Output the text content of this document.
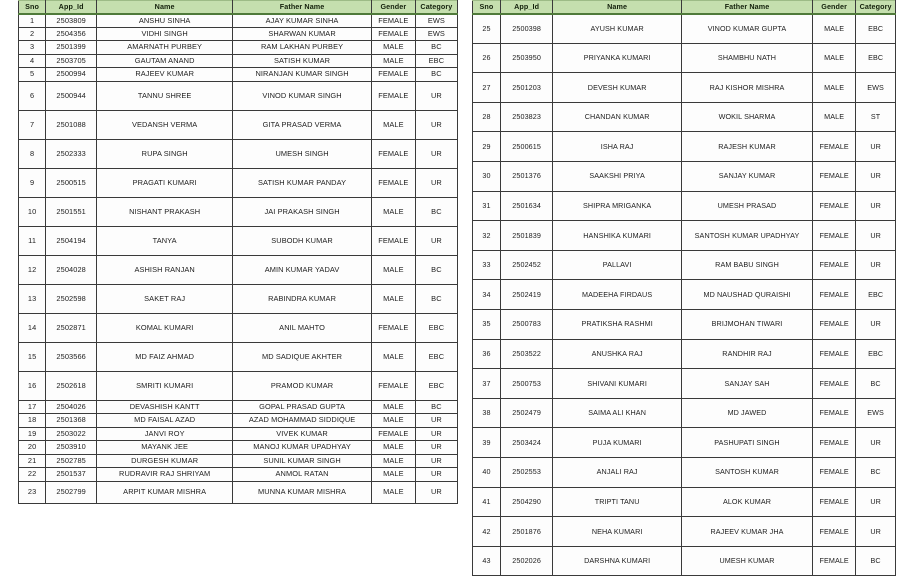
Sno	App_Id	Name	Father Name	Gender	Category
1	2503809	ANSHU SINHA	AJAY KUMAR SINHA	FEMALE	EWS
2	2504356	VIDHI SINGH	SHARWAN KUMAR	FEMALE	EWS
3	2501399	AMARNATH PURBEY	RAM LAKHAN PURBEY	MALE	BC
4	2503705	GAUTAM ANAND	SATISH KUMAR	MALE	EBC
5	2500994	RAJEEV KUMAR	NIRANJAN KUMAR SINGH	FEMALE	BC
6	2500944	TANNU SHREE	VINOD KUMAR SINGH	FEMALE	UR
7	2501088	VEDANSH VERMA	GITA PRASAD VERMA	MALE	UR
8	2502333	RUPA SINGH	UMESH SINGH	FEMALE	UR
9	2500515	PRAGATI KUMARI	SATISH KUMAR PANDAY	FEMALE	UR
10	2501551	NISHANT PRAKASH	JAI PRAKASH SINGH	MALE	BC
11	2504194	TANYA	SUBODH KUMAR	FEMALE	UR
12	2504028	ASHISH RANJAN	AMIN KUMAR YADAV	MALE	BC
13	2502598	SAKET RAJ	RABINDRA KUMAR	MALE	BC
14	2502871	KOMAL KUMARI	ANIL MAHTO	FEMALE	EBC
15	2503566	MD FAIZ AHMAD	MD SADIQUE AKHTER	MALE	EBC
16	2502618	SMRITI KUMARI	PRAMOD KUMAR	FEMALE	EBC
17	2504026	DEVASHISH KANTT	GOPAL PRASAD GUPTA	MALE	BC
18	2501368	MD FAISAL AZAD	AZAD MOHAMMAD SIDDIQUE	MALE	UR
19	2503022	JANVI ROY	VIVEK KUMAR	FEMALE	UR
20	2503910	MAYANK JEE	MANOJ KUMAR UPADHYAY	MALE	UR
21	2502785	DURGESH KUMAR	SUNIL KUMAR SINGH	MALE	UR
22	2501537	RUDRAVIR RAJ SHRIYAM	ANMOL RATAN	MALE	UR
23	2502799	ARPIT KUMAR MISHRA	MUNNA KUMAR MISHRA	MALE	UR
Sno	App_Id	Name	Father Name	Gender	Category
25	2500398	AYUSH KUMAR	VINOD KUMAR GUPTA	MALE	EBC
26	2503950	PRIYANKA KUMARI	SHAMBHU NATH	MALE	EBC
27	2501203	DEVESH KUMAR	RAJ KISHOR MISHRA	MALE	EWS
28	2503823	CHANDAN KUMAR	WOKIL SHARMA	MALE	ST
29	2500615	ISHA RAJ	RAJESH KUMAR	FEMALE	UR
30	2501376	SAAKSHI PRIYA	SANJAY KUMAR	FEMALE	UR
31	2501634	SHIPRA MRIGANKA	UMESH PRASAD	FEMALE	UR
32	2501839	HANSHIKA KUMARI	SANTOSH KUMAR UPADHYAY	FEMALE	UR
33	2502452	PALLAVI	RAM BABU SINGH	FEMALE	UR
34	2502419	MADEEHA FIRDAUS	MD NAUSHAD QURAISHI	FEMALE	EBC
35	2500783	PRATIKSHA RASHMI	BRIJMOHAN TIWARI	FEMALE	UR
36	2503522	ANUSHKA RAJ	RANDHIR RAJ	FEMALE	EBC
37	2500753	SHIVANI KUMARI	SANJAY SAH	FEMALE	BC
38	2502479	SAIMA ALI KHAN	MD JAWED	FEMALE	EWS
39	2503424	PUJA KUMARI	PASHUPATI SINGH	FEMALE	UR
40	2502553	ANJALI RAJ	SANTOSH KUMAR	FEMALE	BC
41	2504290	TRIPTI TANU	ALOK KUMAR	FEMALE	UR
42	2501876	NEHA KUMARI	RAJEEV KUMAR JHA	FEMALE	UR
43	2502026	DARSHNA KUMARI	UMESH KUMAR	FEMALE	BC
